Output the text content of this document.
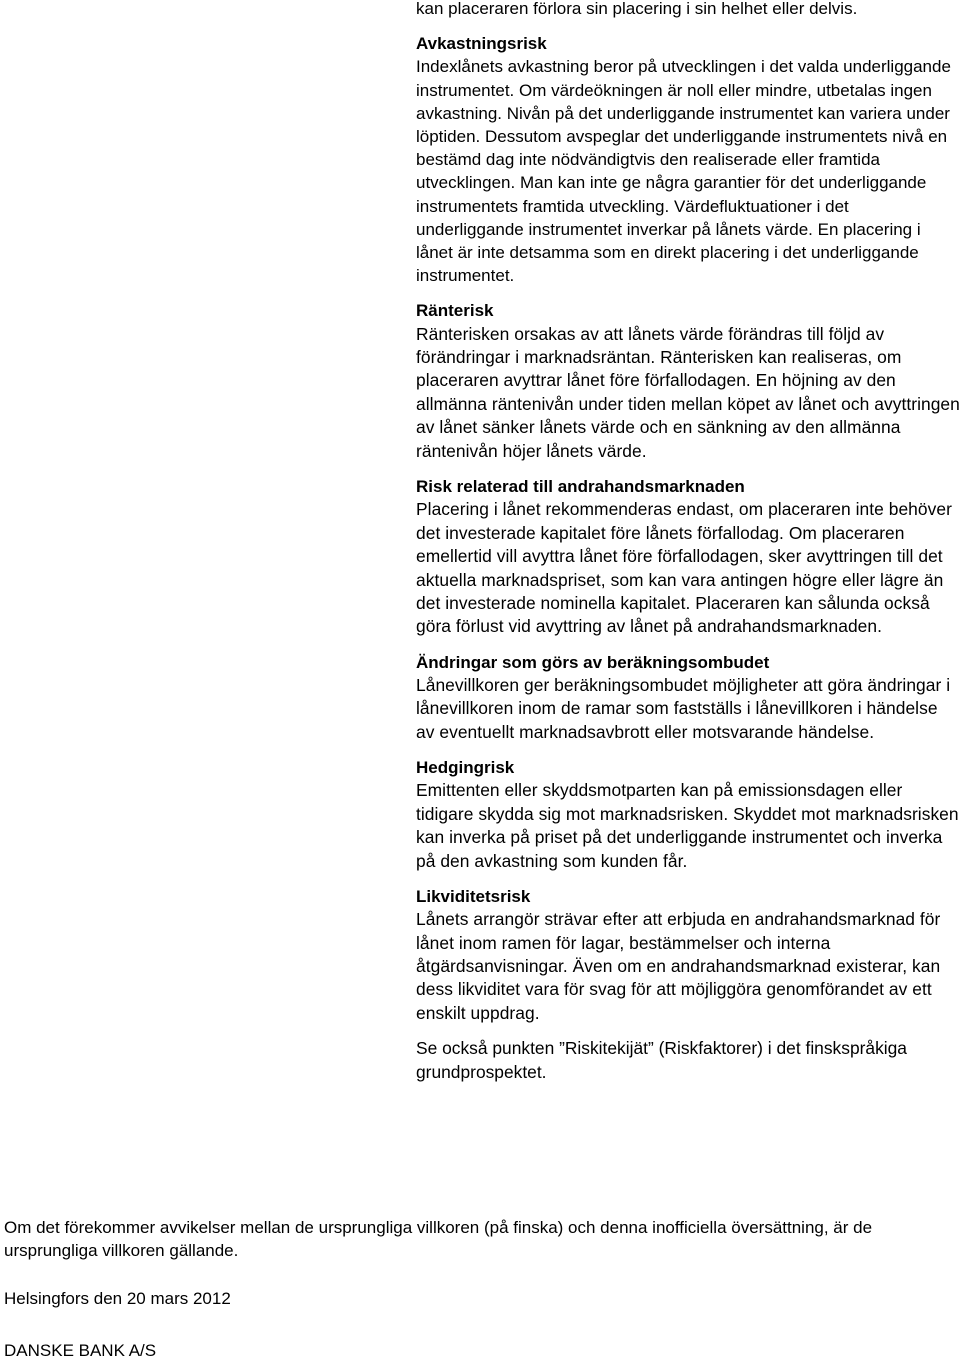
kan placeraren förlora sin placering i sin helhet eller delvis.

Avkastningsrisk

Indexlånets avkastning beror på utvecklingen i det valda underliggande instrumentet. Om värdeökningen är noll eller mindre, utbetalas ingen avkastning. Nivån på det underliggande instrumentet kan variera under löptiden. Dessutom avspeglar det underliggande instrumentets nivå en bestämd dag inte nödvändigtvis den realiserade eller framtida utvecklingen. Man kan inte ge några garantier för det underliggande instrumentets framtida utveckling. Värdefluktuationer i det underliggande instrumentet inverkar på lånets värde. En placering i lånet är inte detsamma som en direkt placering i det underliggande instrumentet.

Ränterisk

Ränterisken orsakas av att lånets värde förändras till följd av förändringar i marknadsräntan. Ränterisken kan realiseras, om placeraren avyttrar lånet före förfallodagen. En höjning av den allmänna räntenivån under tiden mellan köpet av lånet och avyttringen av lånet sänker lånets värde och en sänkning av den allmänna räntenivån höjer lånets värde.

Risk relaterad till andrahandsmarknaden

Placering i lånet rekommenderas endast, om placeraren inte behöver det investerade kapitalet före lånets förfallodag. Om placeraren emellertid vill avyttra lånet före förfallodagen, sker avyttringen till det aktuella marknadspriset, som kan vara antingen högre eller lägre än det investerade nominella kapitalet. Placeraren kan sålunda också göra förlust vid avyttring av lånet på andrahandsmarknaden.

Ändringar som görs av beräkningsombudet

Lånevillkoren ger beräkningsombudet möjligheter att göra ändringar i lånevillkoren inom de ramar som fastställs i lånevillkoren i händelse av eventuellt marknadsavbrott eller motsvarande händelse.

Hedgingrisk

Emittenten eller skyddsmotparten kan på emissionsdagen eller tidigare skydda sig mot marknadsrisken. Skyddet mot marknadsrisken kan inverka på priset på det underliggande instrumentet och inverka på den avkastning som kunden får.

Likviditetsrisk

Lånets arrangör strävar efter att erbjuda en andrahandsmarknad för lånet inom ramen för lagar, bestämmelser och interna åtgärdsanvisningar. Även om en andrahandsmarknad existerar, kan dess likviditet vara för svag för att möjliggöra genomförandet av ett enskilt uppdrag.

Se också punkten ”Riskitekijät” (Riskfaktorer) i det finskspråkiga grundprospektet.

Om det förekommer avvikelser mellan de ursprungliga villkoren (på finska) och denna inofficiella översättning, är de ursprungliga villkoren gällande.

Helsingfors den 20 mars 2012

DANSKE BANK A/S
